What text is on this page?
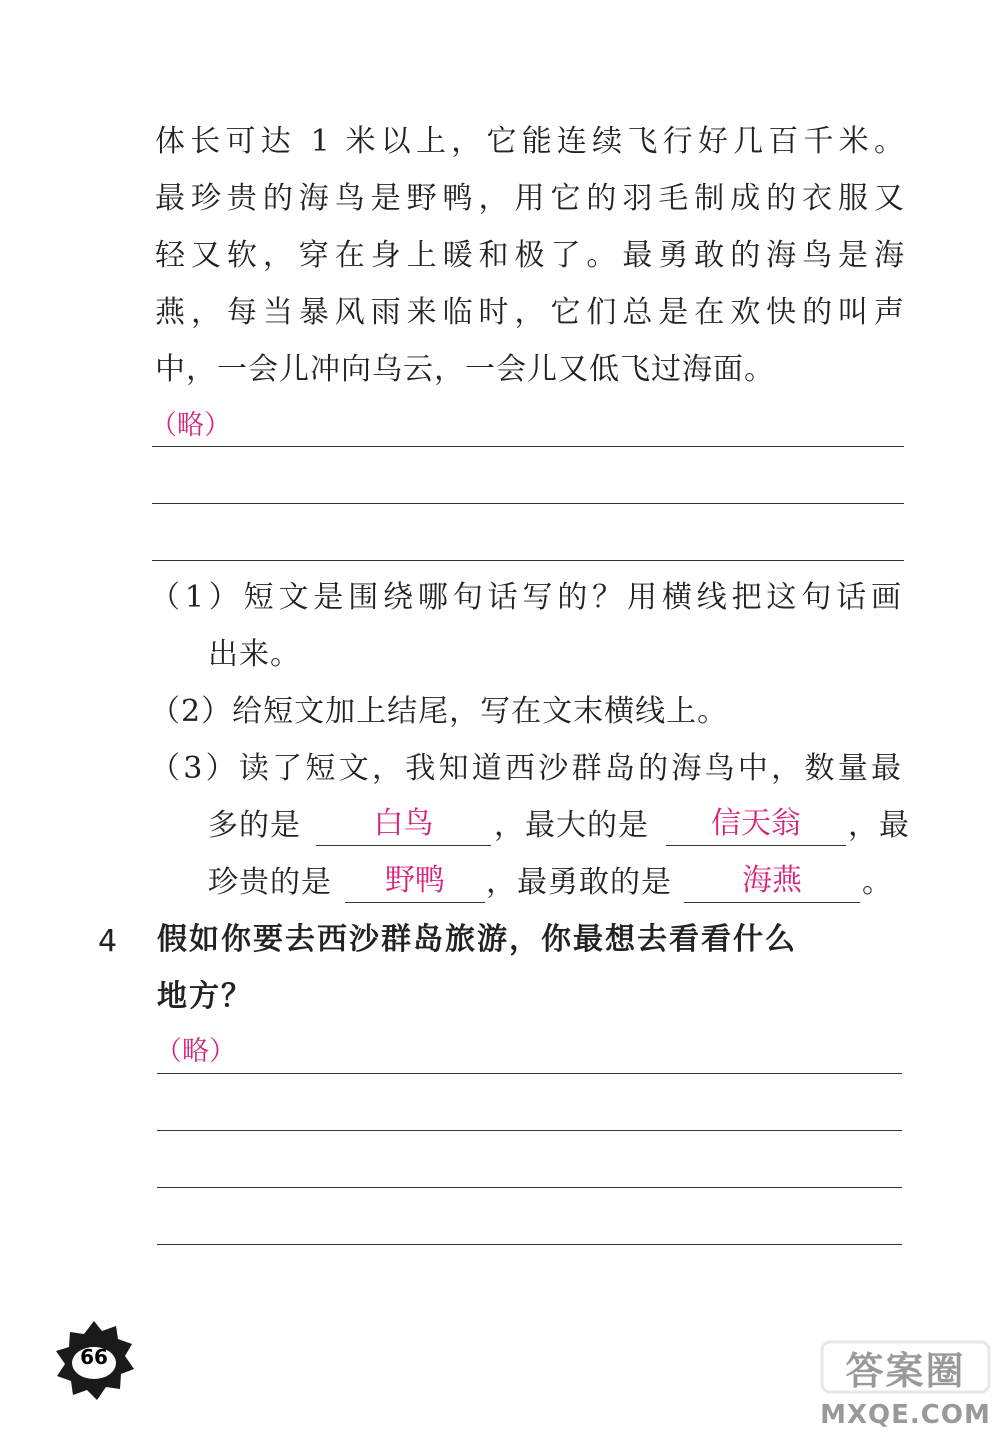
体长可达 1 米以上，它能连续飞行好几百千米。
最珍贵的海鸟是野鸭，用它的羽毛制成的衣服又
轻又软，穿在身上暖和极了。最勇敢的海鸟是海
燕，每当暴风雨来临时，它们总是在欢快的叫声
中，一会儿冲向乌云，一会儿又低飞过海面。
（略）
（1）短文是围绕哪句话写的？用横线把这句话画
出来。
（2）给短文加上结尾，写在文末横线上。
（3）读了短文，我知道西沙群岛的海鸟中，数量最
多的是	白鸟	，最大的是	信天翁	，最
珍贵的是	野鸭	，最勇敢的是	海燕	。
4 假如你要去西沙群岛旅游，你最想去看看什么
地方？
（略）
66	答案圈
MXQE.COM
